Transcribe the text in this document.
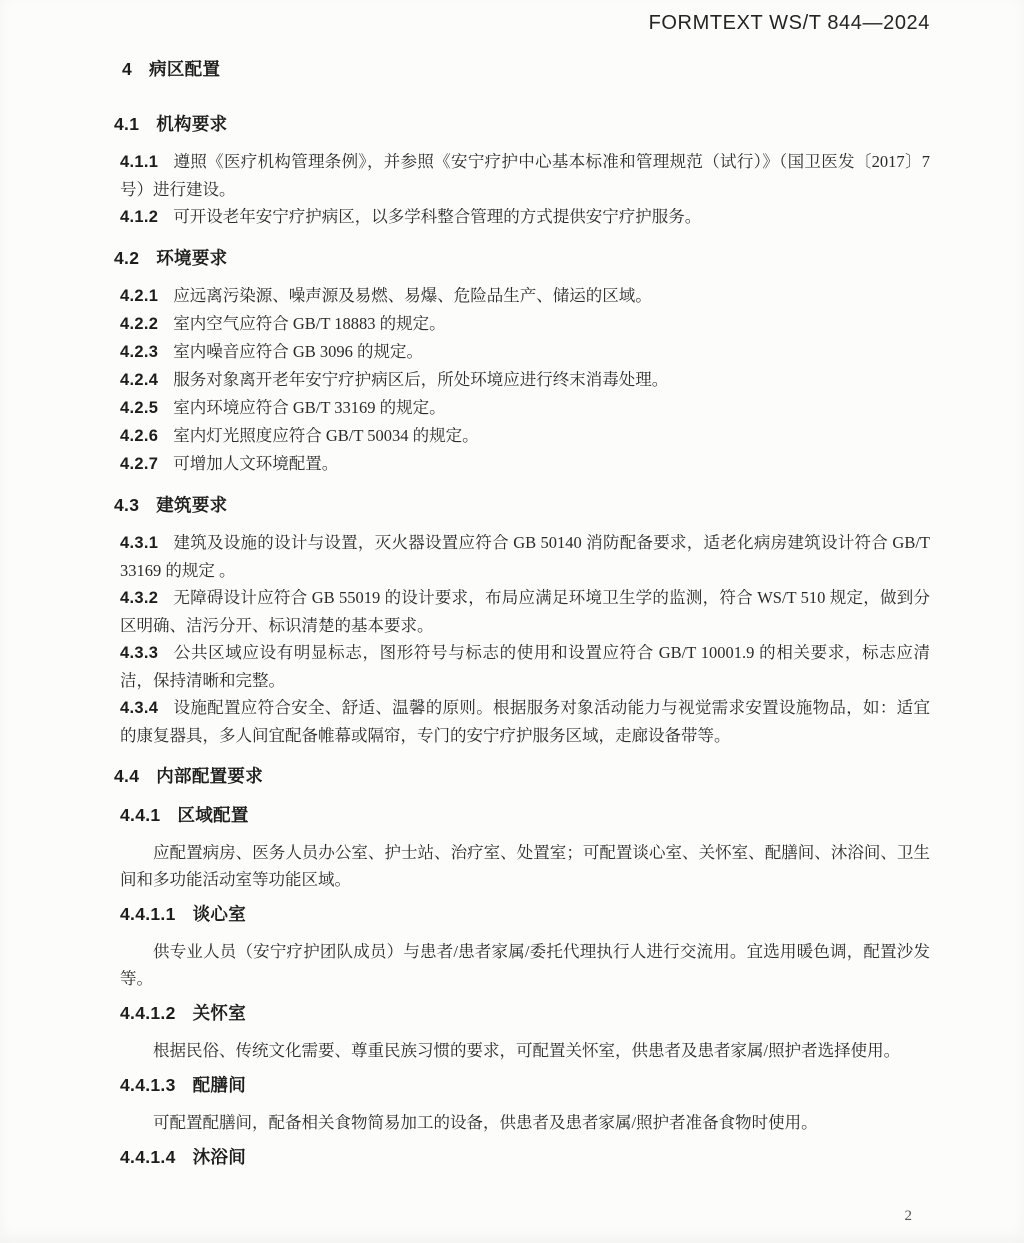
FORMTEXT WS/T 844—2024
4 病区配置
4.1 机构要求

4.1.1 遵照《医疗机构管理条例》，并参照《安宁疗护中心基本标准和管理规范（试行）》（国卫医发〔2017〕7 号）进行建设。

4.1.2 可开设老年安宁疗护病区，以多学科整合管理的方式提供安宁疗护服务。

4.2 环境要求

4.2.1 应远离污染源、噪声源及易燃、易爆、危险品生产、储运的区域。

4.2.2 室内空气应符合 GB/T 18883 的规定。

4.2.3 室内噪音应符合 GB 3096 的规定。

4.2.4 服务对象离开老年安宁疗护病区后，所处环境应进行终末消毒处理。

4.2.5 室内环境应符合 GB/T 33169 的规定。

4.2.6 室内灯光照度应符合 GB/T 50034 的规定。

4.2.7 可增加人文环境配置。

4.3 建筑要求

4.3.1 建筑及设施的设计与设置，灭火器设置应符合 GB 50140 消防配备要求，适老化病房建筑设计符合 GB/T 33169 的规定 。

4.3.2 无障碍设计应符合 GB 55019 的设计要求，布局应满足环境卫生学的监测，符合 WS/T 510 规定，做到分区明确、洁污分开、标识清楚的基本要求。

4.3.3 公共区域应设有明显标志，图形符号与标志的使用和设置应符合 GB/T 10001.9 的相关要求，标志应清洁，保持清晰和完整。

4.3.4 设施配置应符合安全、舒适、温馨的原则。根据服务对象活动能力与视觉需求安置设施物品，如：适宜的康复器具，多人间宜配备帷幕或隔帘，专门的安宁疗护服务区域，走廊设备带等。

4.4 内部配置要求
4.4.1 区域配置

应配置病房、医务人员办公室、护士站、治疗室、处置室；可配置谈心室、关怀室、配膳间、沐浴间、卫生间和多功能活动室等功能区域。

4.4.1.1 谈心室

供专业人员（安宁疗护团队成员）与患者/患者家属/委托代理执行人进行交流用。宜选用暖色调，配置沙发等。

4.4.1.2 关怀室

根据民俗、传统文化需要、尊重民族习惯的要求，可配置关怀室，供患者及患者家属/照护者选择使用。

4.4.1.3 配膳间

可配置配膳间，配备相关食物简易加工的设备，供患者及患者家属/照护者准备食物时使用。

4.4.1.4 沐浴间
2
